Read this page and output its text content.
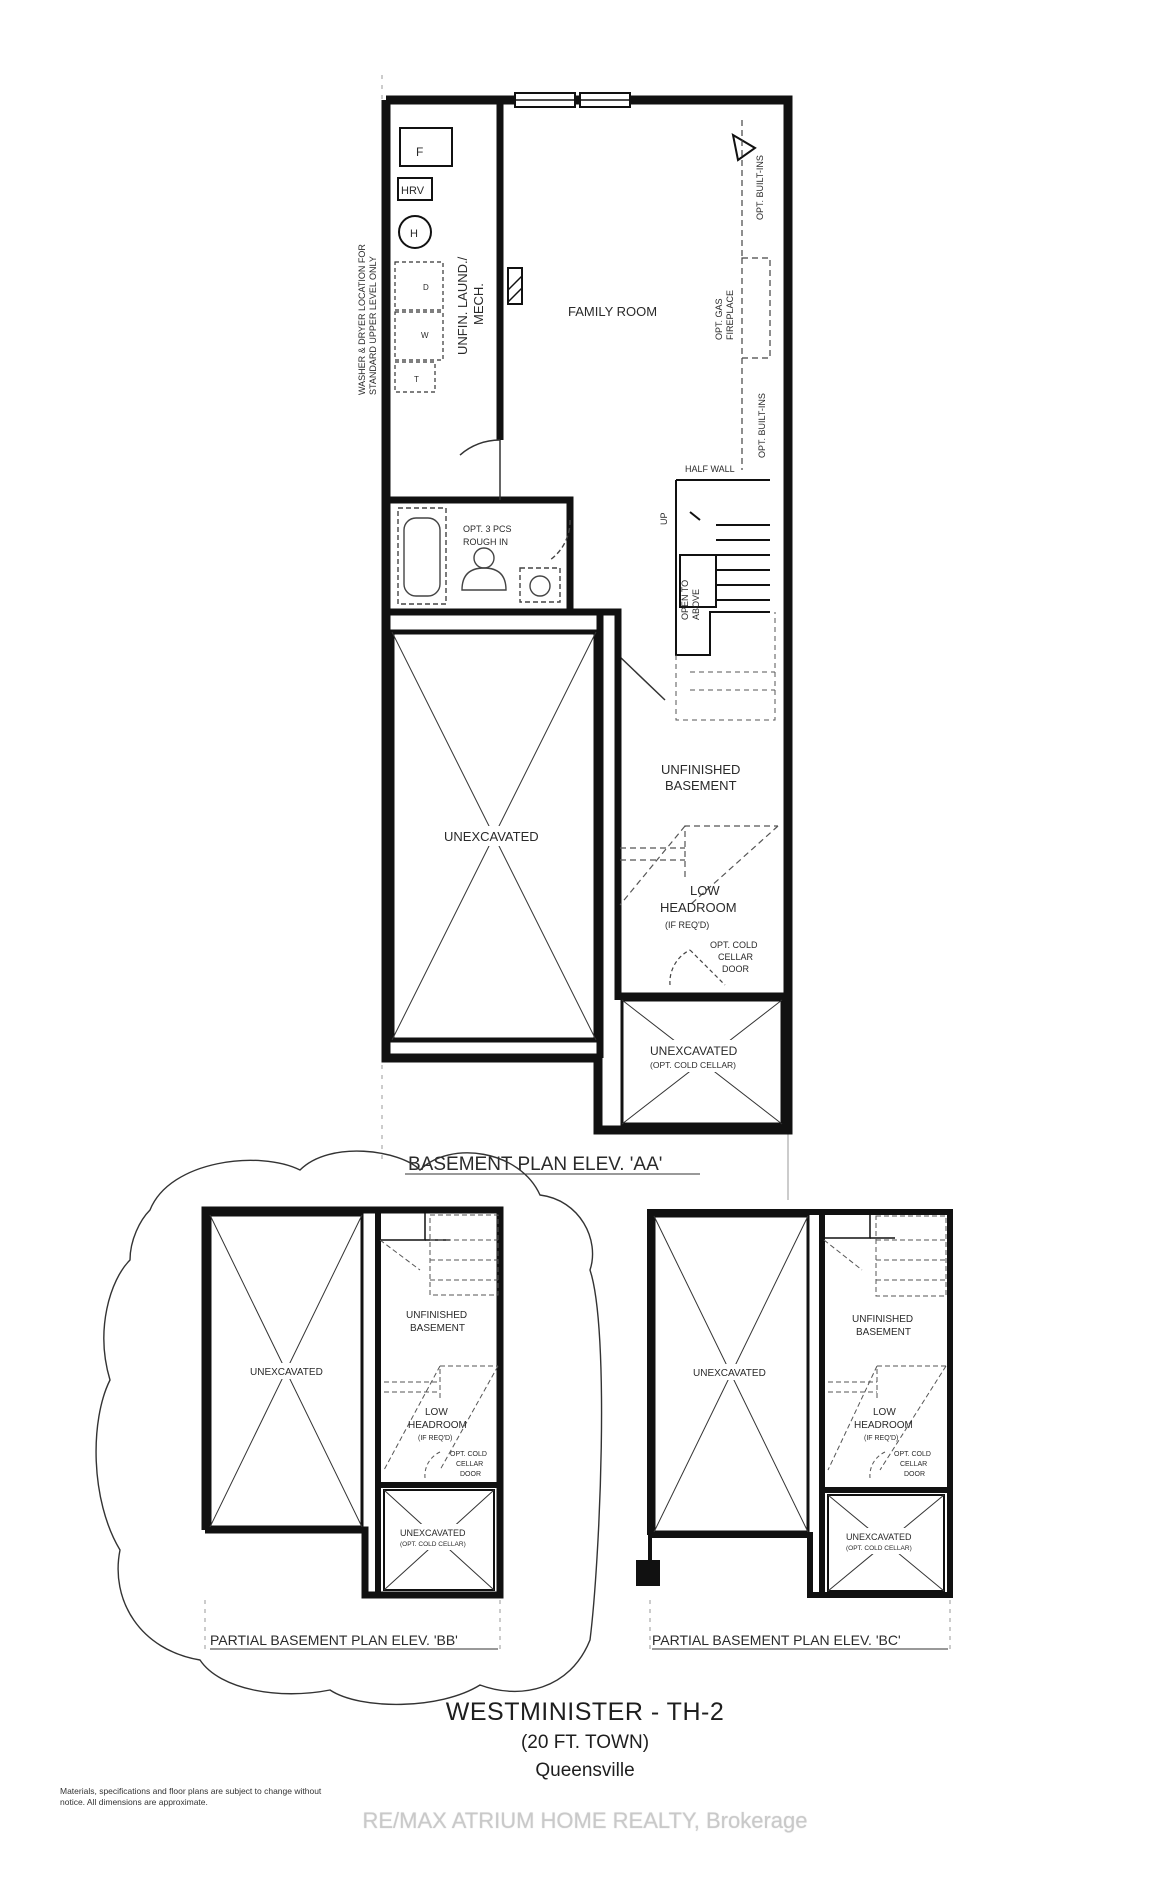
F
HRV
H
D
W
T
WASHER & DRYER LOCATION FOR STANDARD UPPER LEVEL ONLY	UNFIN. LAUND./ MECH.	FAMILY ROOM
OPT. BUILT-INS
OPT. GAS FIREPLACE
OPT. BUILT-INS
HALF WALL
UP
OPEN TO ABOVE
OPT. 3 PCS
ROUGH IN
UNEXCAVATED
UNFINISHED
BASEMENT
LOW
HEADROOM
(IF REQ'D)
OPT. COLD
CELLAR
DOOR
UNEXCAVATED
(OPT. COLD CELLAR)
BASEMENT PLAN ELEV. 'AA'
UNEXCAVATED
UNFINISHED
BASEMENT
LOW
HEADROOM
(IF REQ'D)
OPT. COLD
CELLAR
DOOR
UNEXCAVATED
(OPT. COLD CELLAR)
PARTIAL BASEMENT PLAN ELEV. 'BB'
UNEXCAVATED
UNFINISHED
BASEMENT
LOW
HEADROOM
(IF REQ'D)
OPT. COLD
CELLAR
DOOR
UNEXCAVATED
(OPT. COLD CELLAR)
PARTIAL BASEMENT PLAN ELEV. 'BC'
WESTMINISTER - TH-2
(20 FT. TOWN)
Queensville
Materials, specifications and floor plans are subject to change without notice. All dimensions are approximate.
RE/MAX ATRIUM HOME REALTY, Brokerage
